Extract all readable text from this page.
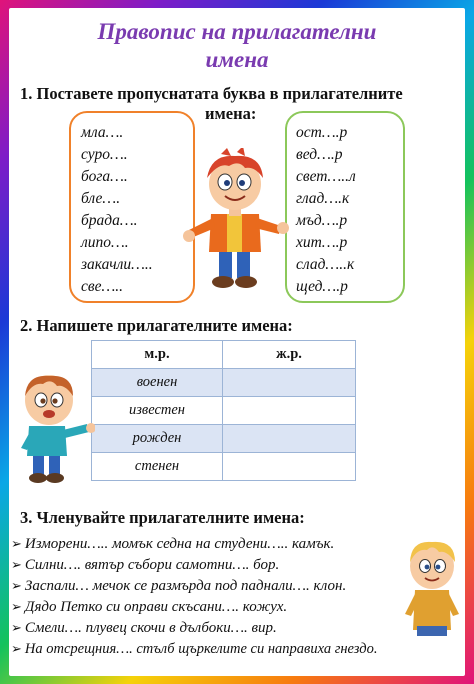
Правопис на прилагателни
имена
1. Поставете пропуснатата буква в прилагателните
имена:
мла….
суро….
бога….
бле….
брада….
липо….
закачли…..
све…..
ост….р
вед….р
свет…..л
глад….к
мъд….р
хит….р
слад…..к
щед….р
2. Напишете прилагателните имена:
м.р.	ж.р.
военен	
известен	
рожден	
стенен	
3. Членувайте прилагателните имена:
➢ Изморени….. момък седна на студени….. камък.
➢ Силни…. вятър събори самотни…. бор.
➢ Заспали… мечок се размърда под паднали…. клон.
➢ Дядо Петко си оправи скъсани…. кожух.
➢ Смели…. плувец скочи в дълбоки…. вир.
➢ На отсрещния…. стълб щъркелите си направиха гнездо.
